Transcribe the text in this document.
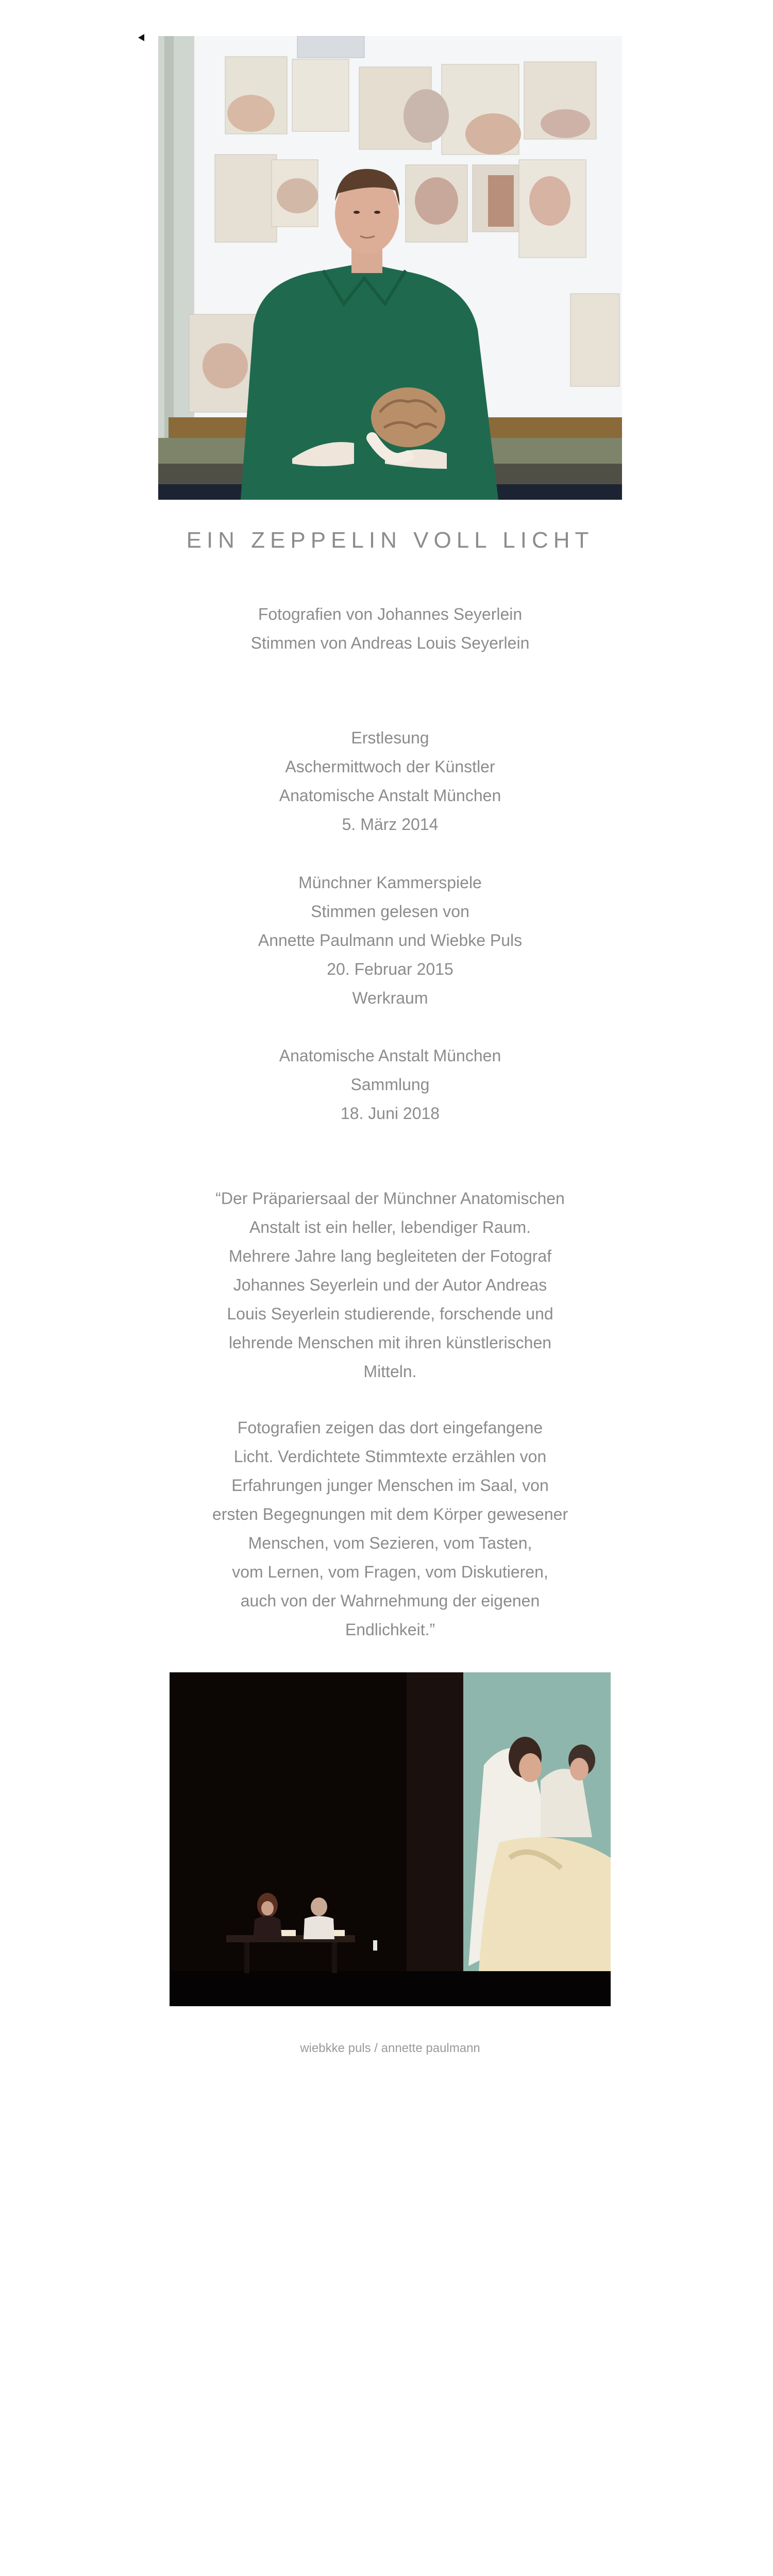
EIN ZEPPELIN VOLL LICHT
Fotografien von Johannes Seyerlein
Stimmen von Andreas Louis Seyerlein
Erstlesung
Aschermittwoch der Künstler
Anatomische Anstalt München
5. März 2014
Münchner Kammerspiele
Stimmen gelesen von
Annette Paulmann und Wiebke Puls
20. Februar 2015
Werkraum
Anatomische Anstalt München
Sammlung
18. Juni 2018
“Der Präpariersaal der Münchner Anatomischen
Anstalt ist ein heller, lebendiger Raum.
Mehrere Jahre lang begleiteten der Fotograf
Johannes Seyerlein und der Autor Andreas
Louis Seyerlein studierende, forschende und
lehrende Menschen mit ihren künstlerischen
Mitteln.
Fotografien zeigen das dort eingefangene
Licht. Verdichtete Stimmtexte erzählen von
Erfahrungen junger Menschen im Saal, von
ersten Begegnungen mit dem Körper gewesener
Menschen, vom Sezieren, vom Tasten,
vom Lernen, vom Fragen, vom Diskutieren,
auch von der Wahrnehmung der eigenen
Endlichkeit.”
wiebkke puls / annette paulmann
